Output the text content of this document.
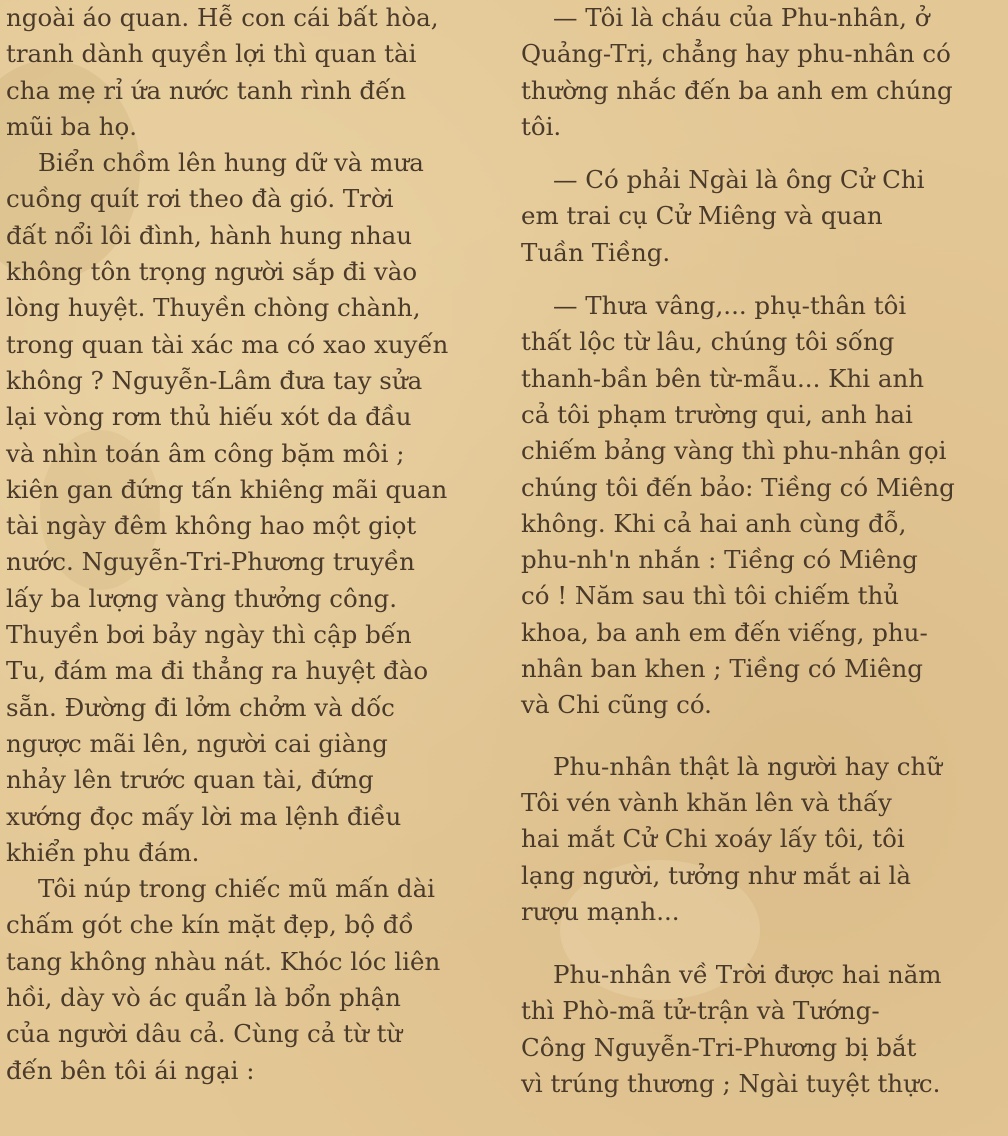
ngoài áo quan. Hễ con cái bất hòa,
tranh dành quyền lợi thì quan tài
cha mẹ rỉ ứa nước tanh rình đến
mũi ba họ.
Biển chồm lên hung dữ và mưa
cuồng quít rơi theo đà gió. Trời
đất nổi lôi đình, hành hung nhau
không tôn trọng người sắp đi vào
lòng huyệt. Thuyền chòng chành,
trong quan tài xác ma có xao xuyến
không ? Nguyễn-Lâm đưa tay sửa
lại vòng rơm thủ hiếu xót da đầu
và nhìn toán âm công bặm môi ;
kiên gan đứng tấn khiêng mãi quan
tài ngày đêm không hao một giọt
nước. Nguyễn-Tri-Phương truyền
lấy ba lượng vàng thưởng công.
Thuyền bơi bảy ngày thì cập bến
Tu, đám ma đi thẳng ra huyệt đào
sẵn. Đường đi lởm chởm và dốc
ngược mãi lên, người cai giàng
nhảy lên trước quan tài, đứng
xướng đọc mấy lời ma lệnh điều
khiển phu đám.
Tôi núp trong chiếc mũ mấn dài
chấm gót che kín mặt đẹp, bộ đồ
tang không nhàu nát. Khóc lóc liên
hồi, dày vò ác quẩn là bổn phận
của người dâu cả. Cùng cả từ từ
đến bên tôi ái ngại :
— Tôi là cháu của Phu-nhân, ở
Quảng-Trị, chẳng hay phu-nhân có
thường nhắc đến ba anh em chúng
tôi.
— Có phải Ngài là ông Cử Chi
em trai cụ Cử Miêng và quan
Tuần Tiềng.
— Thưa vâng,... phụ-thân tôi
thất lộc từ lâu, chúng tôi sống
thanh-bần bên từ-mẫu... Khi anh
cả tôi phạm trường qui, anh hai
chiếm bảng vàng thì phu-nhân gọi
chúng tôi đến bảo: Tiềng có Miêng
không. Khi cả hai anh cùng đỗ,
phu-nh'n nhắn : Tiềng có Miêng
có ! Năm sau thì tôi chiếm thủ
khoa, ba anh em đến viếng, phu-
nhân ban khen ; Tiềng có Miêng
và Chi cũng có.
Phu-nhân thật là người hay chữ
Tôi vén vành khăn lên và thấy
hai mắt Cử Chi xoáy lấy tôi, tôi
lạng người, tưởng như mắt ai là
rượu mạnh...
Phu-nhân về Trời được hai năm
thì Phò-mã tử-trận và Tướng-
Công Nguyễn-Tri-Phương bị bắt
vì trúng thương ; Ngài tuyệt thực.
